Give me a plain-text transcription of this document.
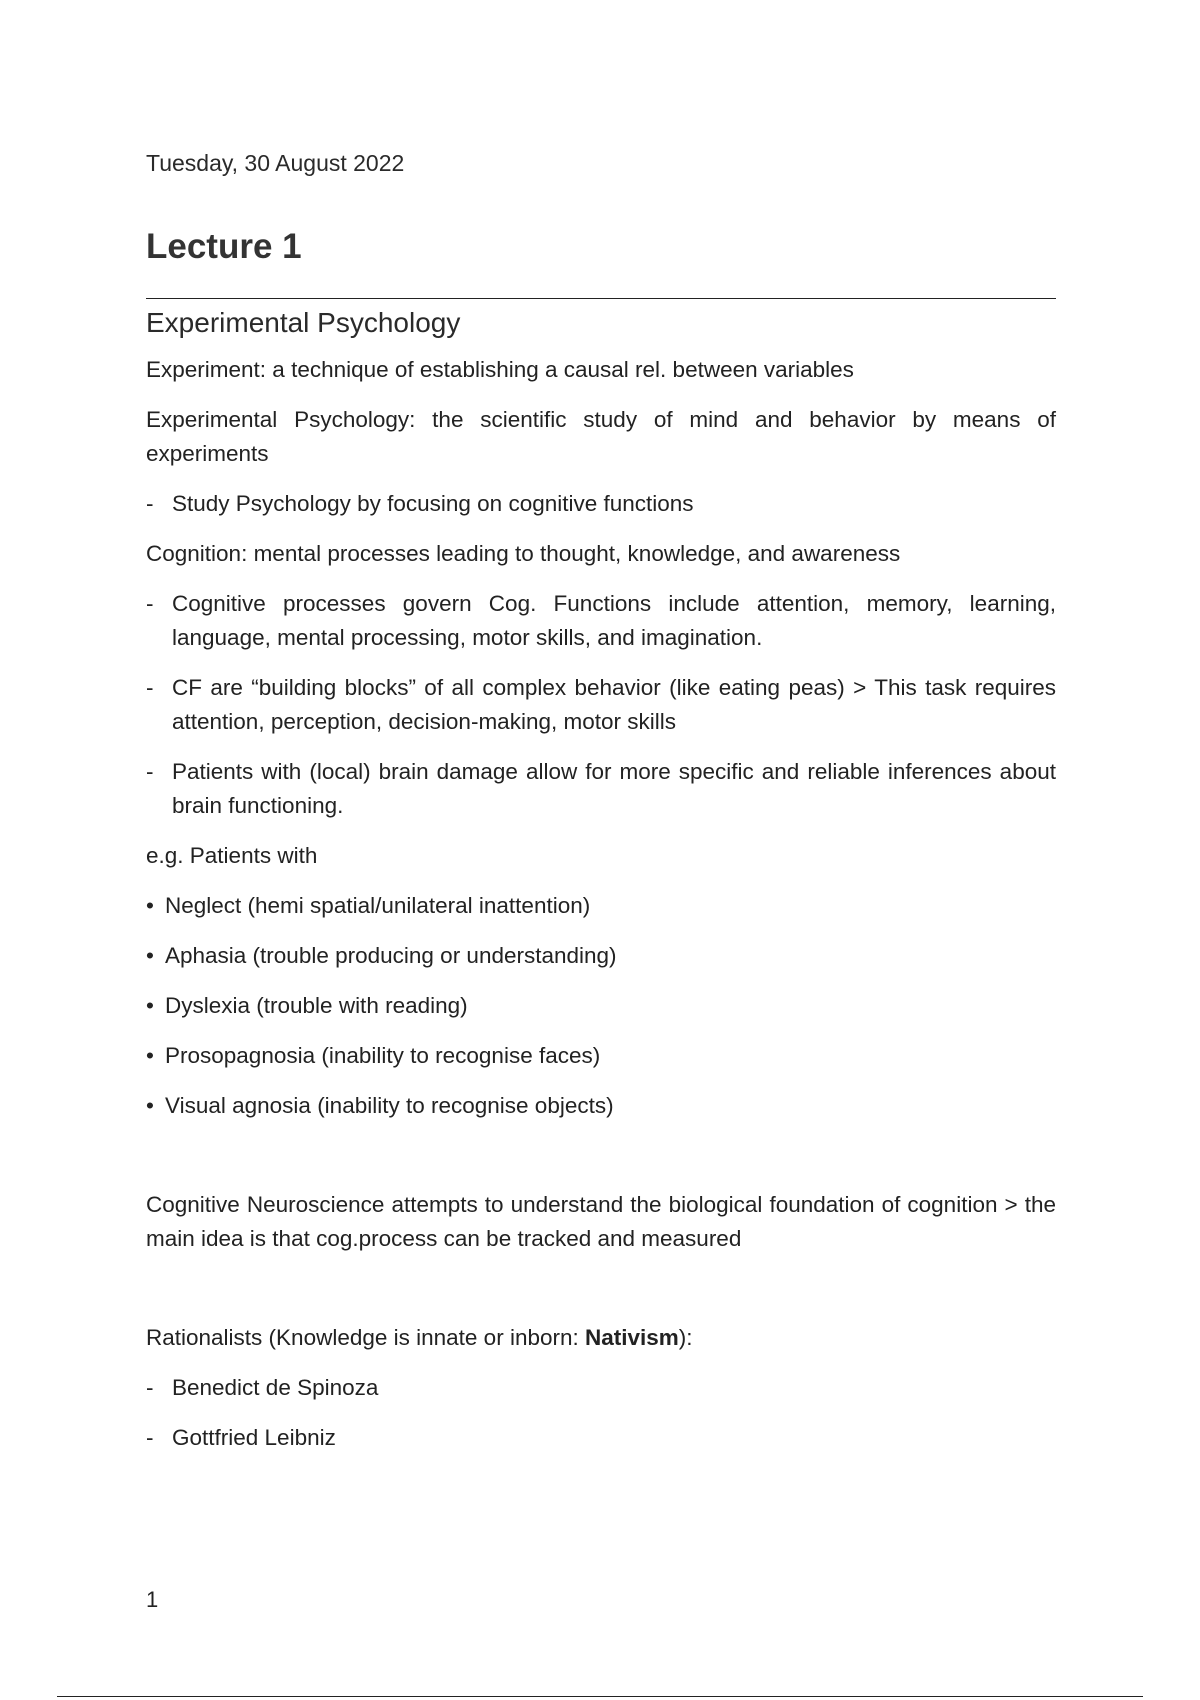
Tuesday, 30 August 2022
Lecture 1
Experimental Psychology

Experiment: a technique of establishing a causal rel. between variables

Experimental Psychology: the scientific study of mind and behavior by means of experiments

- Study Psychology by focusing on cognitive functions

Cognition: mental processes leading to thought, knowledge, and awareness

- Cognitive processes govern Cog. Functions include attention, memory, learning, language, mental processing, motor skills, and imagination.
- CF are “building blocks” of all complex behavior (like eating peas) > This task requires attention, perception, decision-making, motor skills
- Patients with (local) brain damage allow for more specific and reliable inferences about brain functioning.

e.g. Patients with

• Neglect (hemi spatial/unilateral inattention)
• Aphasia (trouble producing or understanding)
• Dyslexia (trouble with reading)
• Prosopagnosia (inability to recognise faces)
• Visual agnosia (inability to recognise objects)

Cognitive Neuroscience attempts to understand the biological foundation of cognition > the main idea is that cog.process can be tracked and measured

Rationalists (Knowledge is innate or inborn: Nativism):

- Benedict de Spinoza
- Gottfried Leibniz
1
